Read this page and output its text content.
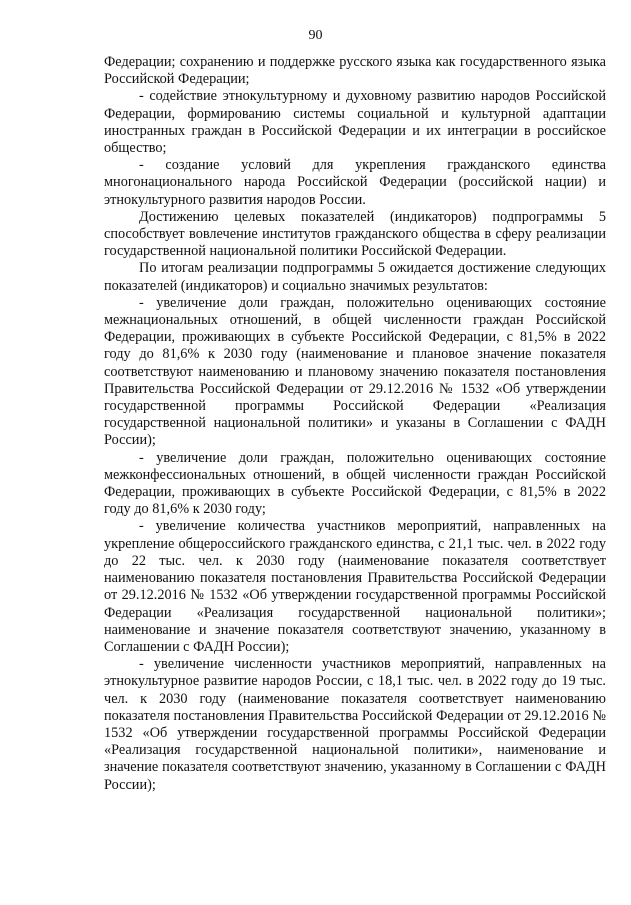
90

Федерации; сохранению и поддержке русского языка как государственного языка Российской Федерации;

- содействие этнокультурному и духовному развитию народов Российской Федерации, формированию системы социальной и культурной адаптации иностранных граждан в Российской Федерации и их интеграции в российское общество;

- создание условий для укрепления гражданского единства многонационального народа Российской Федерации (российской нации) и этнокультурного развития народов России.

Достижению целевых показателей (индикаторов) подпрограммы 5 способствует вовлечение институтов гражданского общества в сферу реализации государственной национальной политики Российской Федерации.

По итогам реализации подпрограммы 5 ожидается достижение следующих показателей (индикаторов) и социально значимых результатов:

- увеличение доли граждан, положительно оценивающих состояние межнациональных отношений, в общей численности граждан Российской Федерации, проживающих в субъекте Российской Федерации, с 81,5% в 2022 году до 81,6% к 2030 году (наименование и плановое значение показателя соответствуют наименованию и плановому значению показателя постановления Правительства Российской Федерации от 29.12.2016 № 1532 «Об утверждении государственной программы Российской Федерации «Реализация государственной национальной политики» и указаны в Соглашении с ФАДН России);

- увеличение доли граждан, положительно оценивающих состояние межконфессиональных отношений, в общей численности граждан Российской Федерации, проживающих в субъекте Российской Федерации, с 81,5% в 2022 году до 81,6% к 2030 году;

- увеличение количества участников мероприятий, направленных на укрепление общероссийского гражданского единства, с 21,1 тыс. чел. в 2022 году до 22 тыс. чел. к 2030 году (наименование показателя соответствует наименованию показателя постановления Правительства Российской Федерации от 29.12.2016 № 1532 «Об утверждении государственной программы Российской Федерации «Реализация государственной национальной политики»; наименование и значение показателя соответствуют значению, указанному в Соглашении с ФАДН России);

- увеличение численности участников мероприятий, направленных на этнокультурное развитие народов России, с 18,1 тыс. чел. в 2022 году до 19 тыс. чел. к 2030 году (наименование показателя соответствует наименованию показателя постановления Правительства Российской Федерации от 29.12.2016 № 1532 «Об утверждении государственной программы Российской Федерации «Реализация государственной национальной политики», наименование и значение показателя соответствуют значению, указанному в Соглашении с ФАДН России);
